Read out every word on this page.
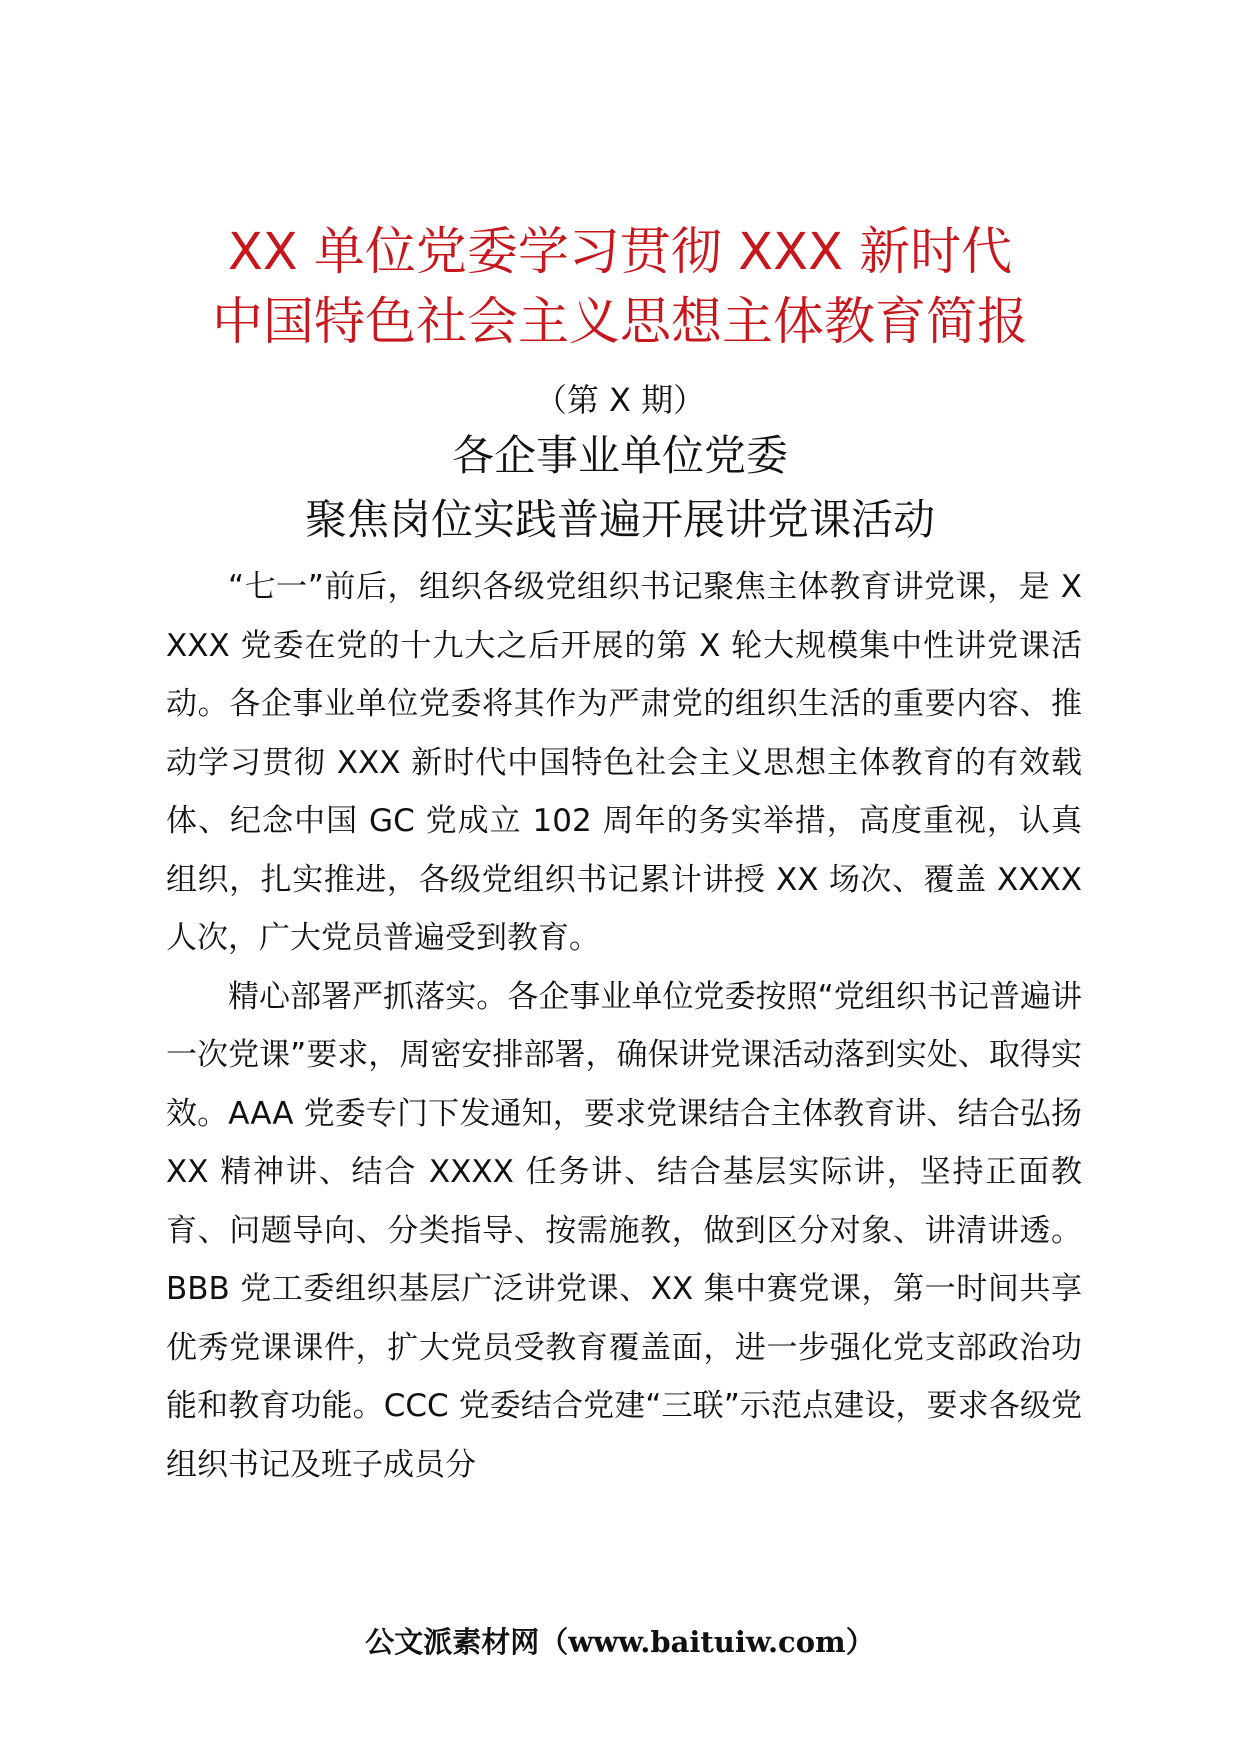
XX 单位党委学习贯彻 XXX 新时代
中国特色社会主义思想主体教育简报
（第 X 期）
各企事业单位党委
聚焦岗位实践普遍开展讲党课活动

“七一”前后，组织各级党组织书记聚焦主体教育讲党课，是 XXXX 党委在党的十九大之后开展的第 X 轮大规模集中性讲党课活动。各企事业单位党委将其作为严肃党的组织生活的重要内容、推动学习贯彻 XXX 新时代中国特色社会主义思想主体教育的有效载体、纪念中国 GC 党成立 102 周年的务实举措，高度重视，认真组织，扎实推进，各级党组织书记累计讲授 XX 场次、覆盖 XXXX 人次，广大党员普遍受到教育。

精心部署严抓落实。各企事业单位党委按照“党组织书记普遍讲一次党课”要求，周密安排部署，确保讲党课活动落到实处、取得实效。AAA 党委专门下发通知，要求党课结合主体教育讲、结合弘扬 XX 精神讲、结合 XXXX 任务讲、结合基层实际讲，坚持正面教育、问题导向、分类指导、按需施教，做到区分对象、讲清讲透。BBB 党工委组织基层广泛讲党课、XX 集中赛党课，第一时间共享优秀党课课件，扩大党员受教育覆盖面，进一步强化党支部政治功能和教育功能。CCC 党委结合党建“三联”示范点建设，要求各级党组织书记及班子成员分

公文派素材网（www.baituiw.com）
